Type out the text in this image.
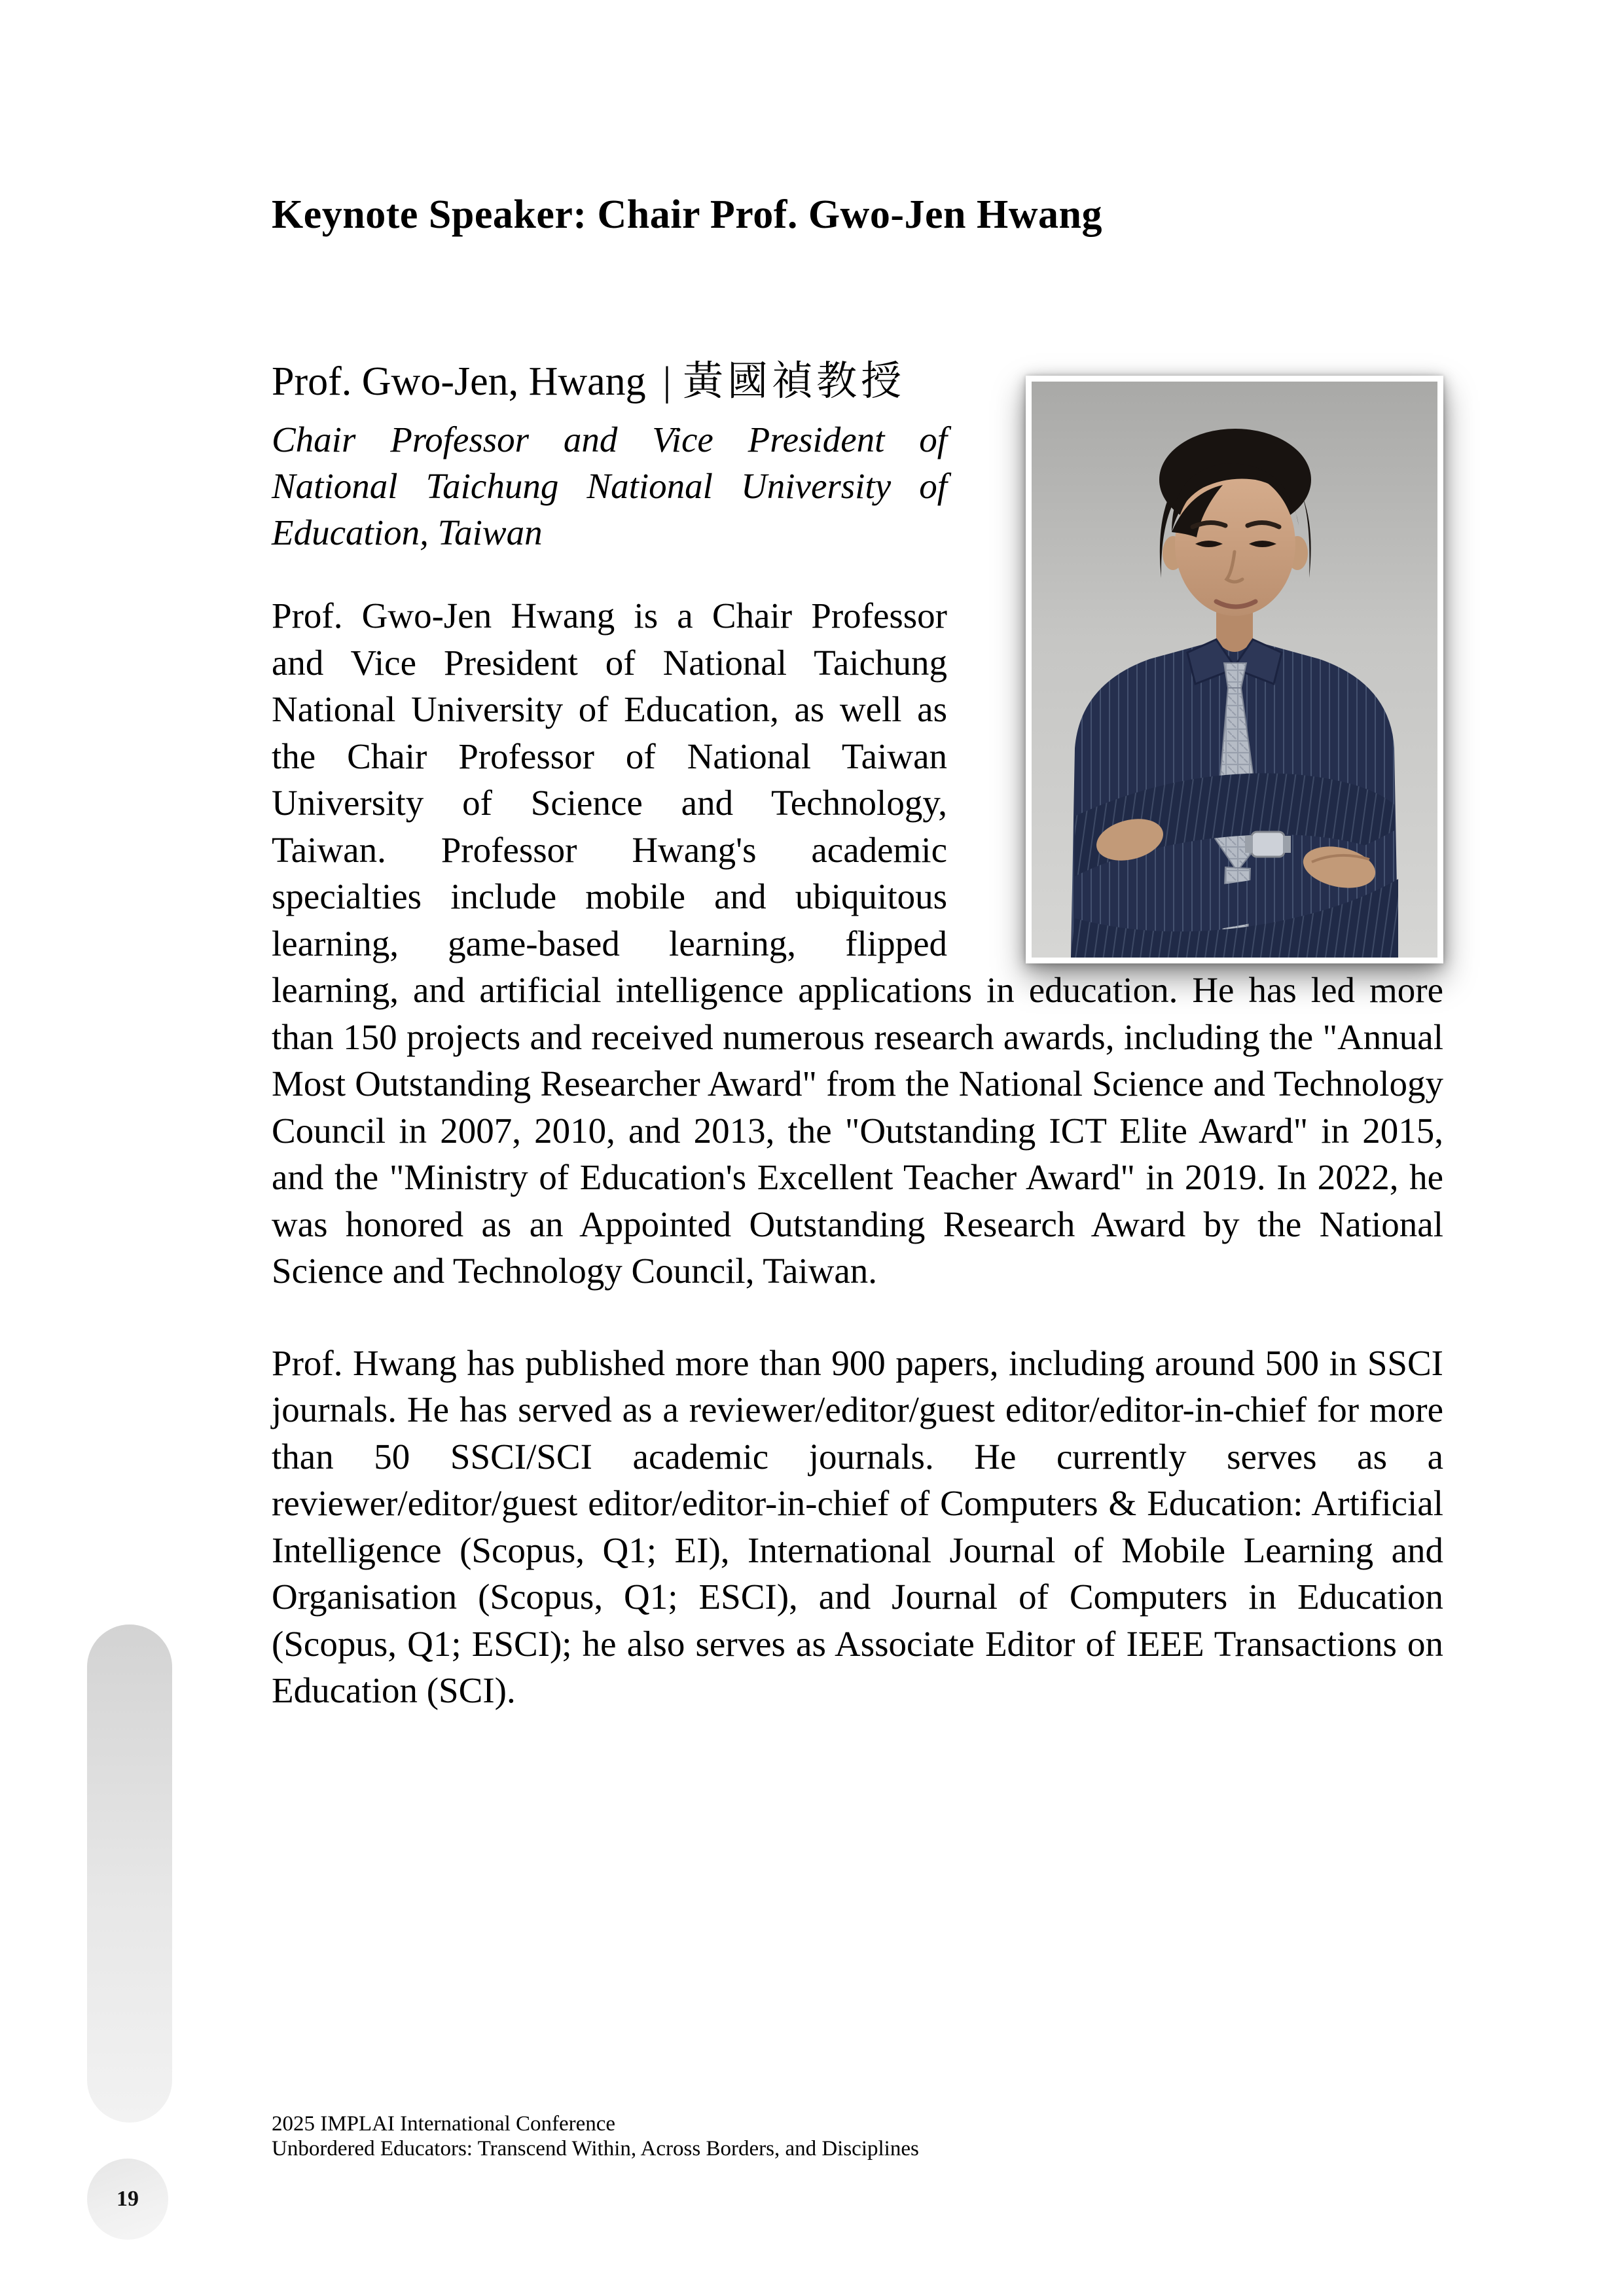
Keynote Speaker: Chair Prof. Gwo-Jen Hwang
Prof. Gwo-Jen, Hwang | 黃國禎教授

Chair Professor and Vice President of National Taichung National University of Education, Taiwan

Prof. Gwo-Jen Hwang is a Chair Professor and Vice President of National Taichung National University of Education, as well as the Chair Professor of National Taiwan University of Science and Technology, Taiwan. Professor Hwang's academic specialties include mobile and ubiquitous learning, game-based learning, flipped learning, and artificial intelligence applications in education. He has led more than 150 projects and received numerous research awards, including the "Annual Most Outstanding Researcher Award" from the National Science and Technology Council in 2007, 2010, and 2013, the "Outstanding ICT Elite Award" in 2015, and the "Ministry of Education's Excellent Teacher Award" in 2019. In 2022, he was honored as an Appointed Outstanding Research Award by the National Science and Technology Council, Taiwan.

Prof. Hwang has published more than 900 papers, including around 500 in SSCI journals. He has served as a reviewer/editor/guest editor/editor-in-chief for more than 50 SSCI/SCI academic journals. He currently serves as a reviewer/editor/guest editor/editor-in-chief of Computers & Education: Artificial Intelligence (Scopus, Q1; EI), International Journal of Mobile Learning and Organisation (Scopus, Q1; ESCI), and Journal of Computers in Education (Scopus, Q1; ESCI); he also serves as Associate Editor of IEEE Transactions on Education (SCI).

19
2025 IMPLAI International Conference
Unbordered Educators: Transcend Within, Across Borders, and Disciplines
